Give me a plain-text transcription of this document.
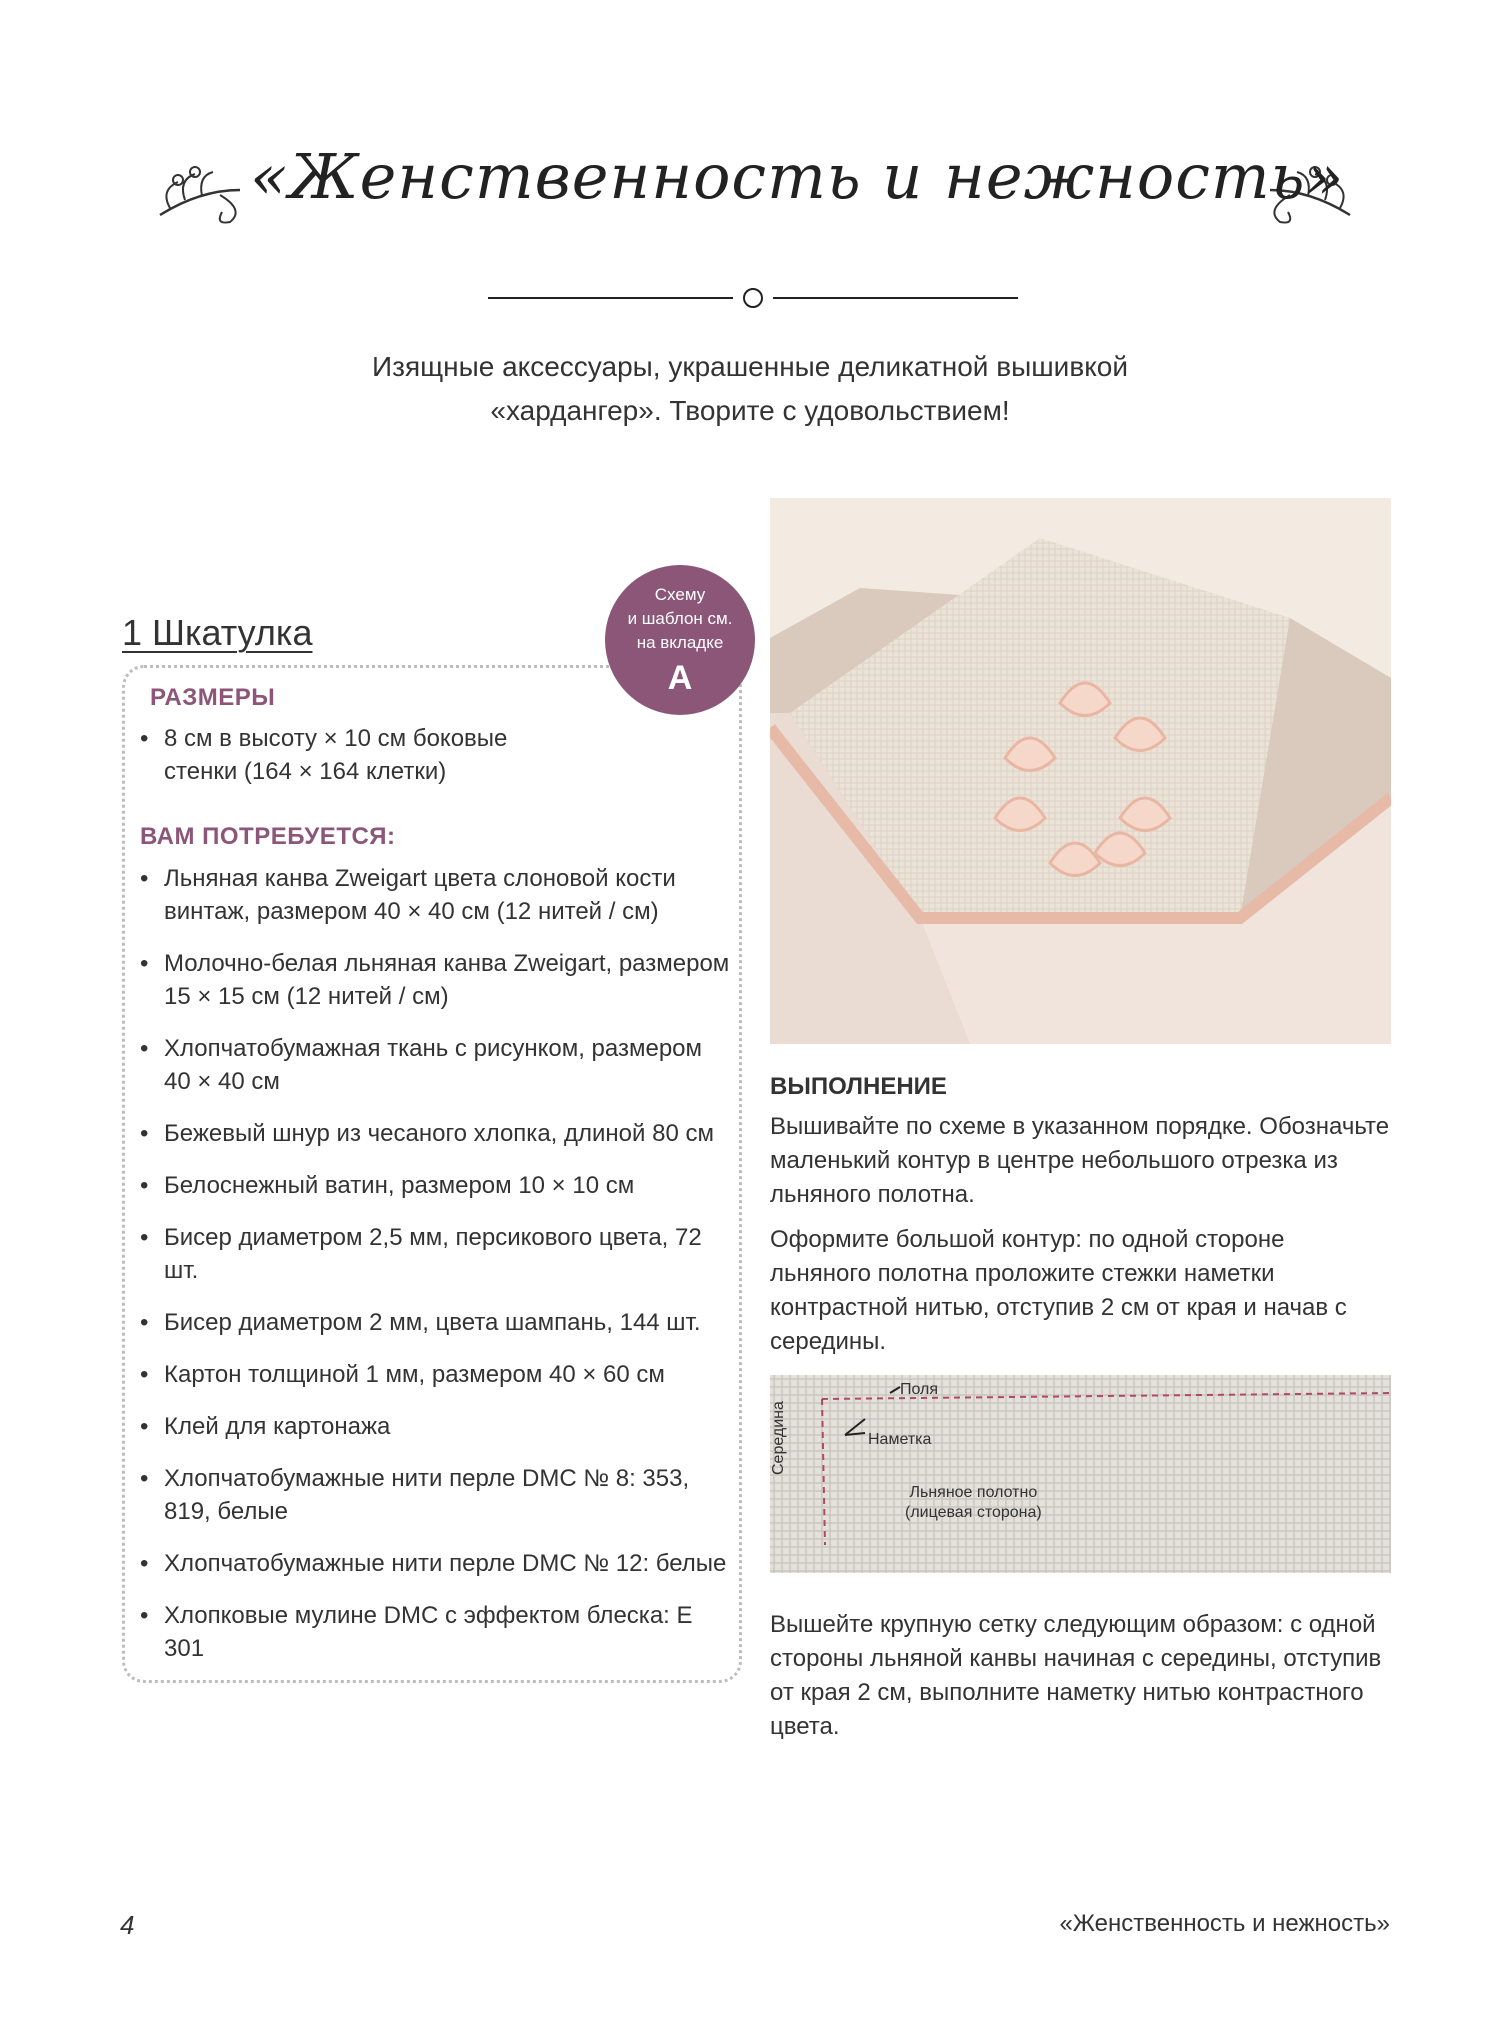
«Женственность и нежность»
Изящные аксессуары, украшенные деликатной вышивкой
«хардангер». Творите с удовольствием!
1 Шкатулка
Схему
и шаблон см.
на вкладке
A
РАЗМЕРЫ
• 8 см в высоту × 10 см боковые стенки (164 × 164 клетки)
ВАМ ПОТРЕБУЕТСЯ:
• Льняная канва Zweigart цвета слоновой кости винтаж, размером 40 × 40 см (12 нитей / см)
• Молочно-белая льняная канва Zweigart, размером 15 × 15 см (12 нитей / см)
• Хлопчатобумажная ткань с рисунком, размером 40 × 40 см
• Бежевый шнур из чесаного хлопка, длиной 80 см
• Белоснежный ватин, размером 10 × 10 см
• Бисер диаметром 2,5 мм, персикового цвета, 72 шт.
• Бисер диаметром 2 мм, цвета шампань, 144 шт.
• Картон толщиной 1 мм, размером 40 × 60 см
• Клей для картонажа
• Хлопчатобумажные нити перле DMC № 8: 353, 819, белые
• Хлопчатобумажные нити перле DMC № 12: белые
• Хлопковые мулине DMC с эффектом блеска: E 301
ВЫПОЛНЕНИЕ

Вышивайте по схеме в указанном порядке. Обозначьте маленький контур в центре небольшого отрезка из льняного полотна.

Оформите большой контур: по одной стороне льняного полотна проложите стежки наметки контрастной нитью, отступив 2 см от края и начав с середины.

Поля
Наметка
Середина
Льняное полотно
(лицевая сторона)

Вышейте крупную сетку следующим образом: с одной стороны льняной канвы начиная с середины, отступив от края 2 см, выполните наметку нитью контрастного цвета.

4	«Женственность и нежность»
